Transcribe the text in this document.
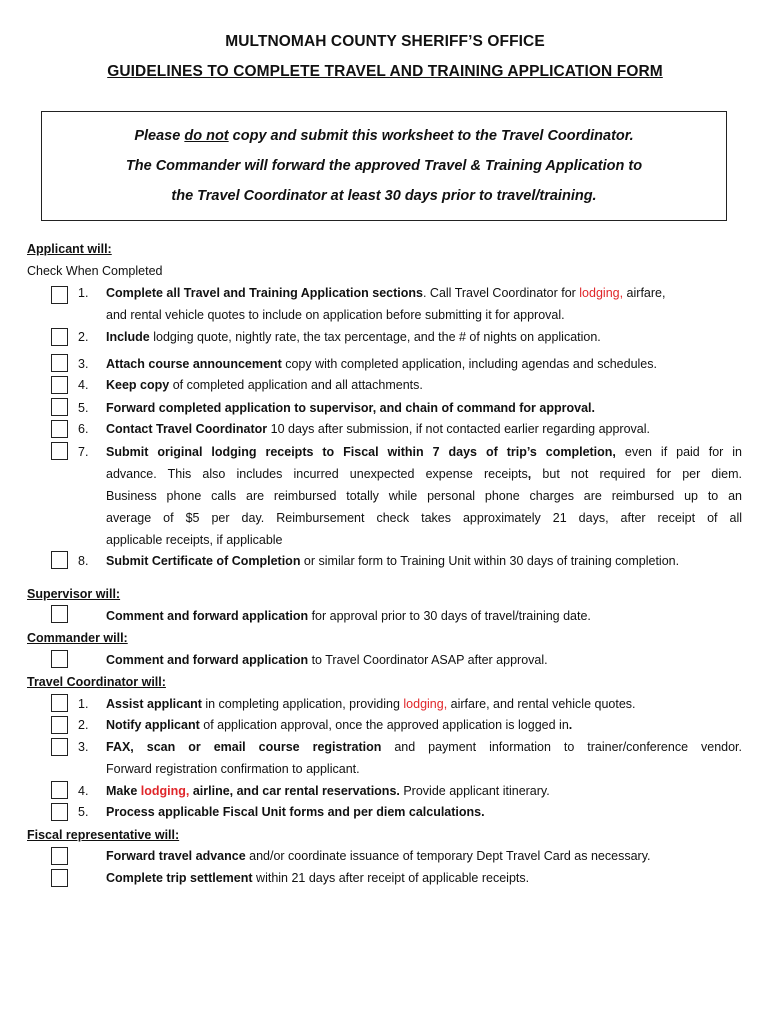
MULTNOMAH COUNTY SHERIFF’S OFFICE
GUIDELINES TO COMPLETE TRAVEL AND TRAINING APPLICATION FORM
Please do not copy and submit this worksheet to the Travel Coordinator.
The Commander will forward the approved Travel & Training Application to
the Travel Coordinator at least 30 days prior to travel/training.
Applicant will:
Check When Completed
1. Complete all Travel and Training Application sections. Call Travel Coordinator for lodging, airfare,
and rental vehicle quotes to include on application before submitting it for approval.
2. Include lodging quote, nightly rate, the tax percentage, and the # of nights on application.
3. Attach course announcement copy with completed application, including agendas and schedules.
4. Keep copy of completed application and all attachments.
5. Forward completed application to supervisor, and chain of command for approval.
6. Contact Travel Coordinator 10 days after submission, if not contacted earlier regarding approval.
7. Submit original lodging receipts to Fiscal within 7 days of trip’s completion, even if paid for in
advance. This also includes incurred unexpected expense receipts, but not required for per diem.
Business phone calls are reimbursed totally while personal phone charges are reimbursed up to an
average of $5 per day. Reimbursement check takes approximately 21 days, after receipt of all
applicable receipts, if applicable
8. Submit Certificate of Completion or similar form to Training Unit within 30 days of training completion.
Supervisor will:
Comment and forward application for approval prior to 30 days of travel/training date.
Commander will:
Comment and forward application to Travel Coordinator ASAP after approval.
Travel Coordinator will:
1. Assist applicant in completing application, providing lodging, airfare, and rental vehicle quotes.
2. Notify applicant of application approval, once the approved application is logged in.
3. FAX, scan or email course registration and payment information to trainer/conference vendor.
Forward registration confirmation to applicant.
4. Make lodging, airline, and car rental reservations. Provide applicant itinerary.
5. Process applicable Fiscal Unit forms and per diem calculations.
Fiscal representative will:
Forward travel advance and/or coordinate issuance of temporary Dept Travel Card as necessary.
Complete trip settlement within 21 days after receipt of applicable receipts.
